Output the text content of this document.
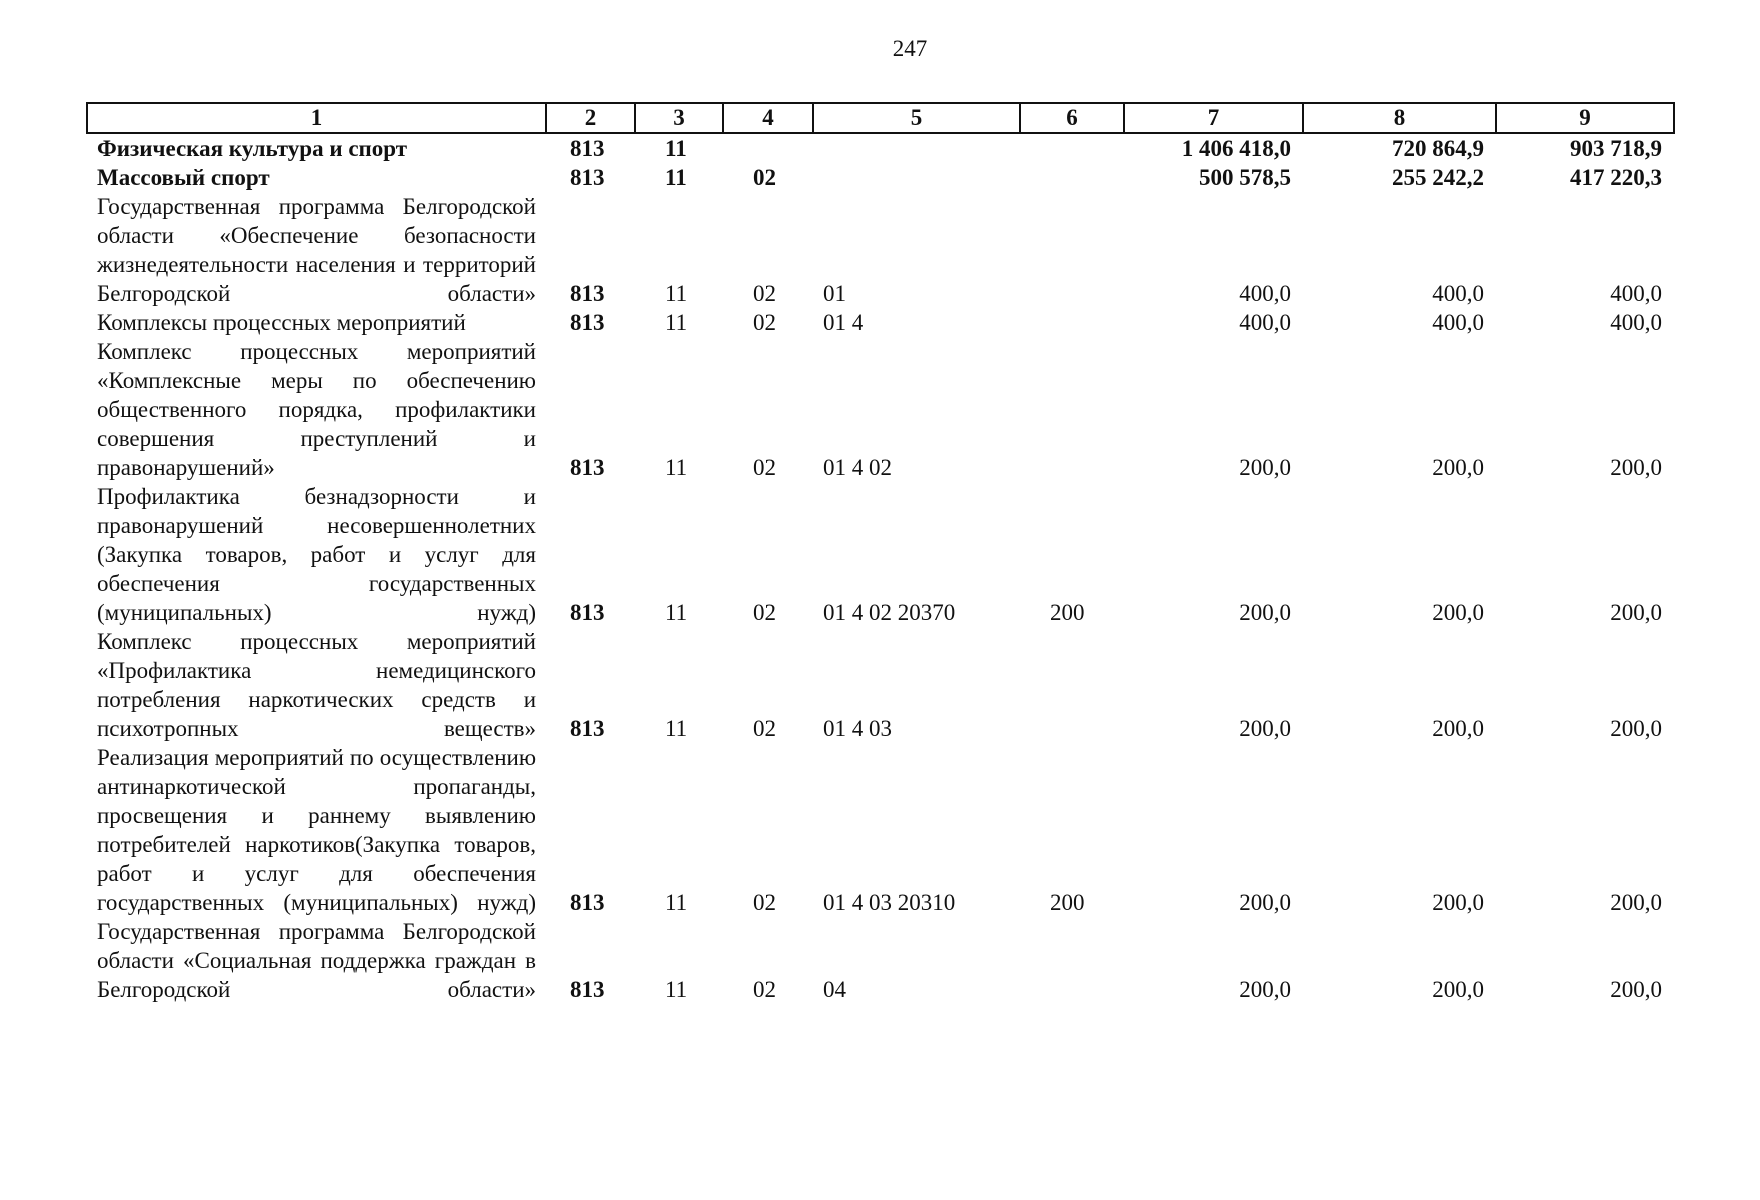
247
1	2	3	4	5	6	7	8	9
Физическая культура и спорт	813	11				1 406 418,0	720 864,9	903 718,9
Массовый спорт	813	11	02			500 578,5	255 242,2	417 220,3
Государственная программа Белгородской области «Обеспечение безопасности жизнедеятельности населения и территорий Белгородской области»	813	11	02	01		400,0	400,0	400,0
Комплексы процессных мероприятий	813	11	02	01 4		400,0	400,0	400,0
Комплекс процессных мероприятий «Комплексные меры по обеспечению общественного порядка, профилактики совершения преступлений и правонарушений»	813	11	02	01 4 02		200,0	200,0	200,0
Профилактика безнадзорности и правонарушений несовершеннолетних (Закупка товаров, работ и услуг для обеспечения государственных (муниципальных) нужд)	813	11	02	01 4 02 20370	200	200,0	200,0	200,0
Комплекс процессных мероприятий «Профилактика немедицинского потребления наркотических средств и психотропных веществ»	813	11	02	01 4 03		200,0	200,0	200,0
Реализация мероприятий по осуществлению антинаркотической пропаганды, просвещения и раннему выявлению потребителей наркотиков(Закупка товаров, работ и услуг для обеспечения государственных (муниципальных) нужд)	813	11	02	01 4 03 20310	200	200,0	200,0	200,0
Государственная программа Белгородской области «Социальная поддержка граждан в Белгородской области»	813	11	02	04		200,0	200,0	200,0
